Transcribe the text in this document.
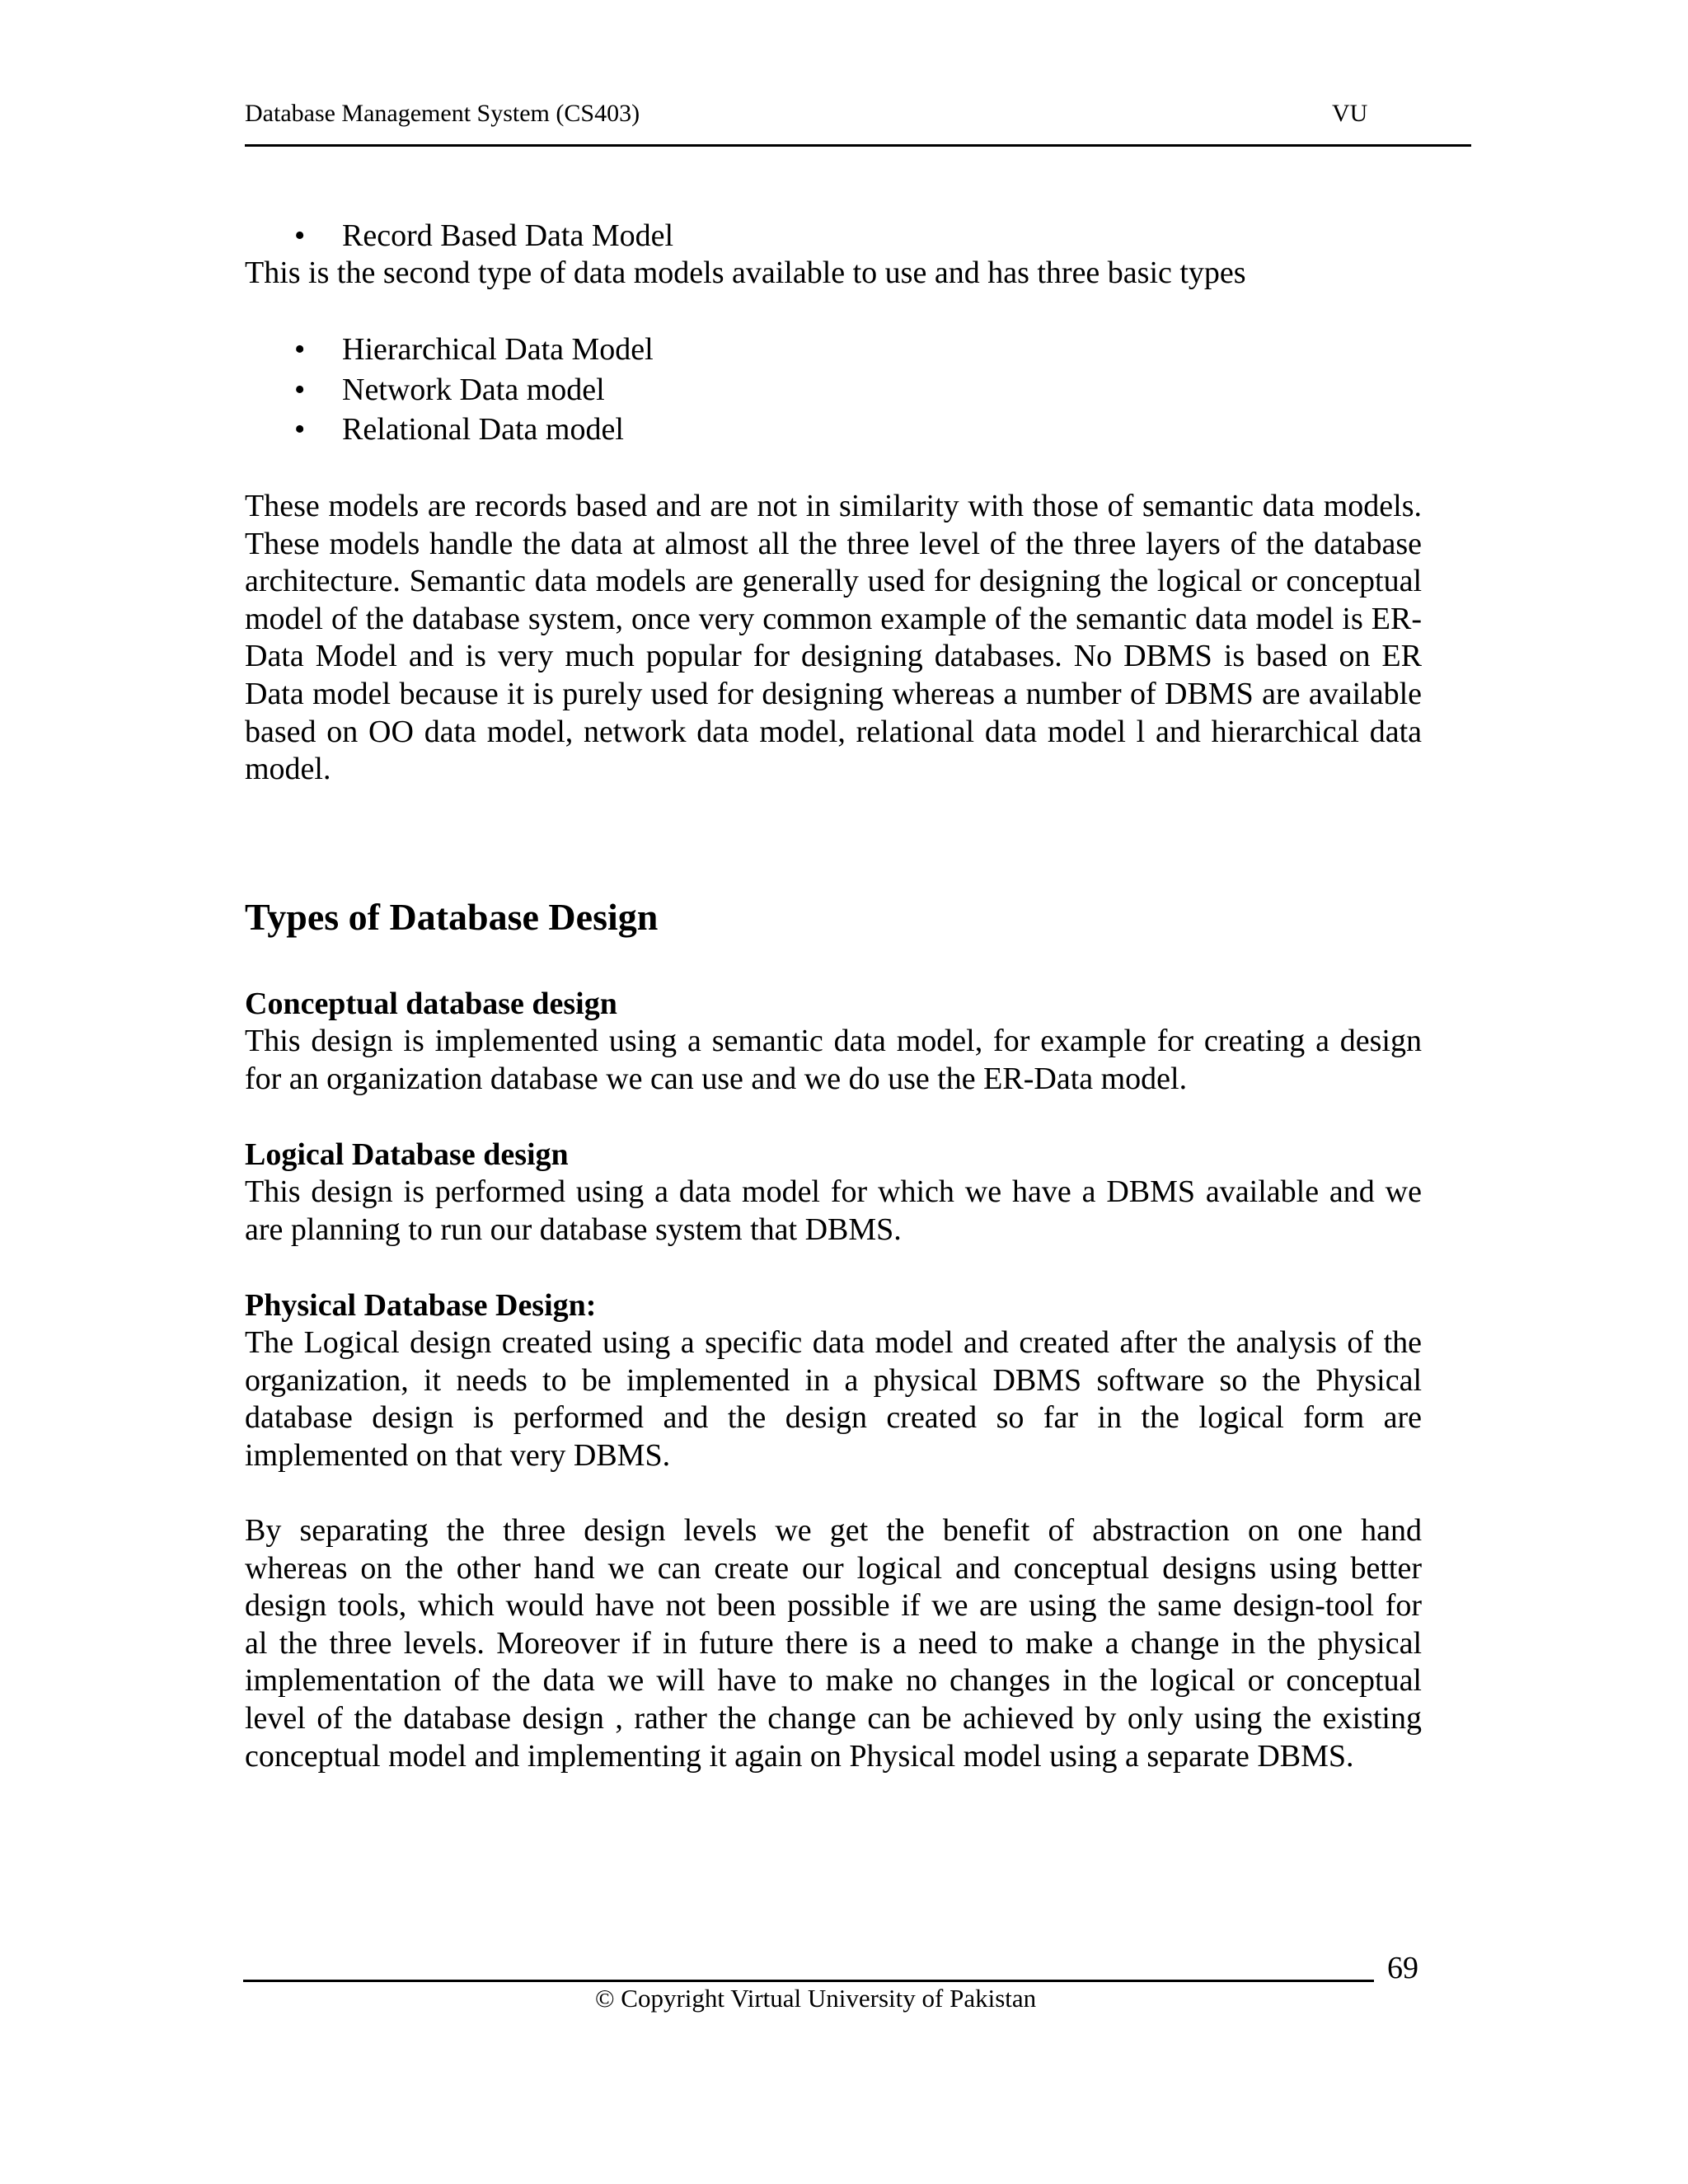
Database Management System (CS403)	VU
• Record Based Data Model
This is the second type of data models available to use and has three basic types
• Hierarchical Data Model
• Network Data model
• Relational Data model
These models are records based and are not in similarity with those of semantic data models. These models handle the data at almost all the three level of the three layers of the database architecture. Semantic data models are generally used for designing the logical or conceptual model of the database system, once very common example of the semantic data model is ER-Data Model and is very much popular for designing databases. No DBMS is based on ER Data model because it is purely used for designing whereas a number of DBMS are available based on OO data model, network data model, relational data model l and hierarchical data model.
Types of Database Design
Conceptual database design
This design is implemented using a semantic data model, for example for creating a design for an organization database we can use and we do use the ER-Data model.
Logical Database design
This design is performed using a data model for which we have a DBMS available and we are planning to run our database system that DBMS.
Physical Database Design:
The Logical design created using a specific data model and created after the analysis of the organization, it needs to be implemented in a physical DBMS software so the Physical database design is performed and the design created so far in the logical form are implemented on that very DBMS.
By separating the three design levels we get the benefit of abstraction on one hand
whereas on the other hand we can create our logical and conceptual designs using better
design tools, which would have not been possible if we are using the same design-tool for
al the three levels. Moreover if in future there is a need to make a change in the physical
implementation of the data we will have to make no changes in the logical or conceptual
level of the database design , rather the change can be achieved by only using the existing
conceptual model and implementing it again on Physical model using a separate DBMS.
69
© Copyright Virtual University of Pakistan
